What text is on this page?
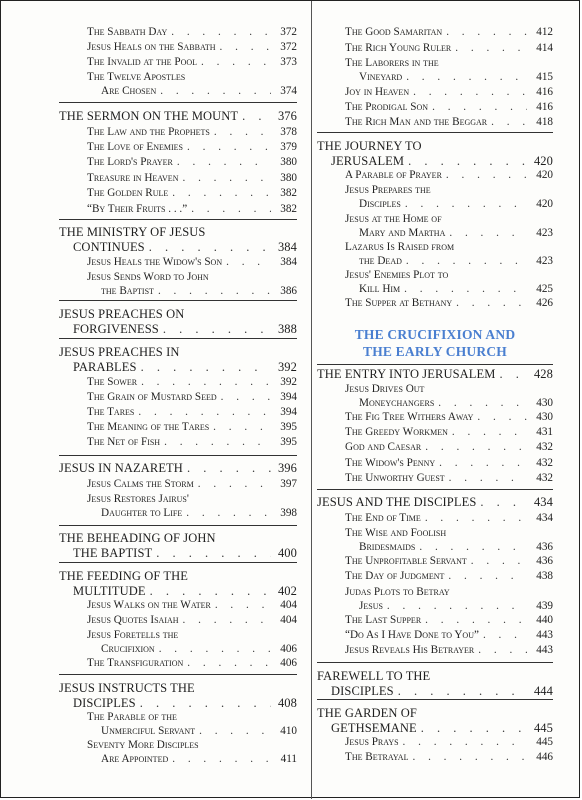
The Sabbath Day . . .	372
Jesus Heals on the Sabbath . . .	372
The Invalid at the Pool . . .	373
The Twelve Apostles
Are Chosen . . .	374
THE SERMON ON THE MOUNT . . .	376
The Law and the Prophets . . .	378
The Love of Enemies . . .	379
The Lord's Prayer . . .	380
Treasure in Heaven . . .	380
The Golden Rule . . .	382
“By Their Fruits . . .” . . .	382
THE MINISTRY OF JESUS
CONTINUES . . .	384
Jesus Heals the Widow's Son . . .	384
Jesus Sends Word to John
the Baptist . . .	386
JESUS PREACHES ON
FORGIVENESS . . .	388
JESUS PREACHES IN
PARABLES . . .	392
The Sower . . .	392
The Grain of Mustard Seed . . .	394
The Tares . . .	394
The Meaning of the Tares . . .	395
The Net of Fish . . .	395
JESUS IN NAZARETH . . .	396
Jesus Calms the Storm . . .	397
Jesus Restores Jairus'
Daughter to Life . . .	398
THE BEHEADING OF JOHN
THE BAPTIST . . .	400
THE FEEDING OF THE
MULTITUDE . . .	402
Jesus Walks on the Water . . .	404
Jesus Quotes Isaiah . . .	404
Jesus Foretells the
Crucifixion . . .	406
The Transfiguration . . .	406
JESUS INSTRUCTS THE
DISCIPLES . . .	408
The Parable of the
Unmerciful Servant . . .	410
Seventy More Disciples
Are Appointed . . .	411
THE CRUCIFIXION AND
THE EARLY CHURCH
The Good Samaritan . . .	412
The Rich Young Ruler . . .	414
The Laborers in the
Vineyard . . .	415
Joy in Heaven . . .	416
The Prodigal Son . . .	416
The Rich Man and the Beggar . . .	418
THE JOURNEY TO
JERUSALEM . . .	420
A Parable of Prayer . . .	420
Jesus Prepares the
Disciples . . .	420
Jesus at the Home of
Mary and Martha . . .	423
Lazarus Is Raised from
the Dead . . .	423
Jesus' Enemies Plot to
Kill Him . . .	425
The Supper at Bethany . . .	426
THE ENTRY INTO JERUSALEM . . .	428
Jesus Drives Out
Moneychangers . . .	430
The Fig Tree Withers Away . . .	430
The Greedy Workmen . . .	431
God and Caesar . . .	432
The Widow's Penny . . .	432
The Unworthy Guest . . .	432
JESUS AND THE DISCIPLES . . .	434
The End of Time . . .	434
The Wise and Foolish
Bridesmaids . . .	436
The Unprofitable Servant . . .	436
The Day of Judgment . . .	438
Judas Plots to Betray
Jesus . . .	439
The Last Supper . . .	440
“Do As I Have Done to You” . . .	443
Jesus Reveals His Betrayer . . .	443
FAREWELL TO THE
DISCIPLES . . .	444
THE GARDEN OF
GETHSEMANE . . .	445
Jesus Prays . . .	445
The Betrayal . . .	446
